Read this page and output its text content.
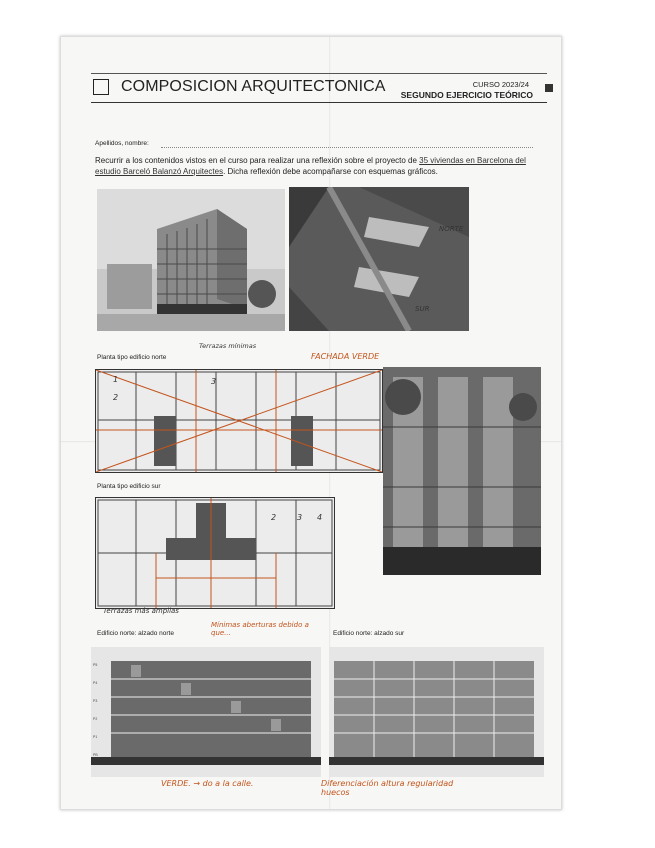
COMPOSICION ARQUITECTONICA	CURSO 2023/24
SEGUNDO EJERCICIO TEÓRICO
Apellidos, nombre:
Recurrir a los contenidos vistos en el curso para realizar una reflexión sobre el proyecto de 35 viviendas en Barcelona del estudio Barceló Balanzó Arquitectes. Dicha reflexión debe acompañarse con esquemas gráficos.
NORTE
SUR
Planta tipo edificio norte
Terrazas mínimas
FACHADA VERDE
1
2
3
Planta tipo edificio sur
2	3 4
Terrazas más amplias
Mínimas aberturas debido a que...
Edificio norte: alzado norte	Edificio norte: alzado sur
P5
P4
P3
P2
P1
PB
VERDE. → do a la calle.	Diferenciación altura regularidad huecos
